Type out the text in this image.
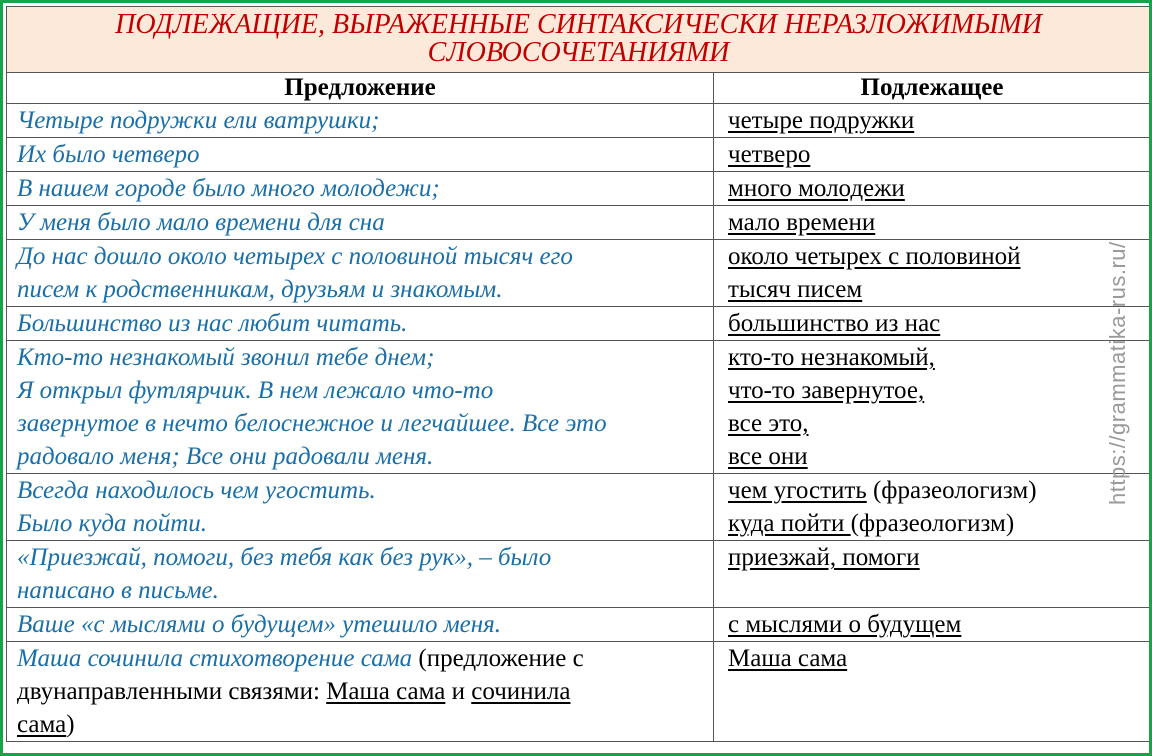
ПОДЛЕЖАЩИЕ, ВЫРАЖЕННЫЕ СИНТАКСИЧЕСКИ НЕРАЗЛОЖИМЫМИ
СЛОВОСОЧЕТАНИЯМИ	

Предложение	Подлежащее
Четыре подружки ели ватрушки;	четыре подружки
Их было четверо	четверо
В нашем городе было много молодежи;	много молодежи
У меня было мало времени для сна	мало времени

До нас дошло около четырех с половиной тысяч его
писем к родственникам, друзьям и знакомым.	около четырех с половиной
тысяч писем

Большинство из нас любит читать.	большинство из нас

Кто-то незнакомый звонил тебе днем;
Я открыл футлярчик. В нем лежало что-то
завернутое в нечто белоснежное и легчайшее. Все это
радовало меня; Все они радовали меня.	кто-то незнакомый,
что-то завернутое,
все это,
все они

Всегда находилось чем угостить.
Было куда пойти.	чем угостить (фразеологизм)
куда пойти (фразеологизм)

«Приезжай, помоги, без тебя как без рук», – было
написано в письме.	приезжай, помоги
Ваше «с мыслями о будущем» утешило меня.	с мыслями о будущем

Маша сочинила стихотворение сама (предложение с
двунаправленными связями: Маша сама и сочинила
сама)	Маша сама
https://grammatika-rus.ru/
